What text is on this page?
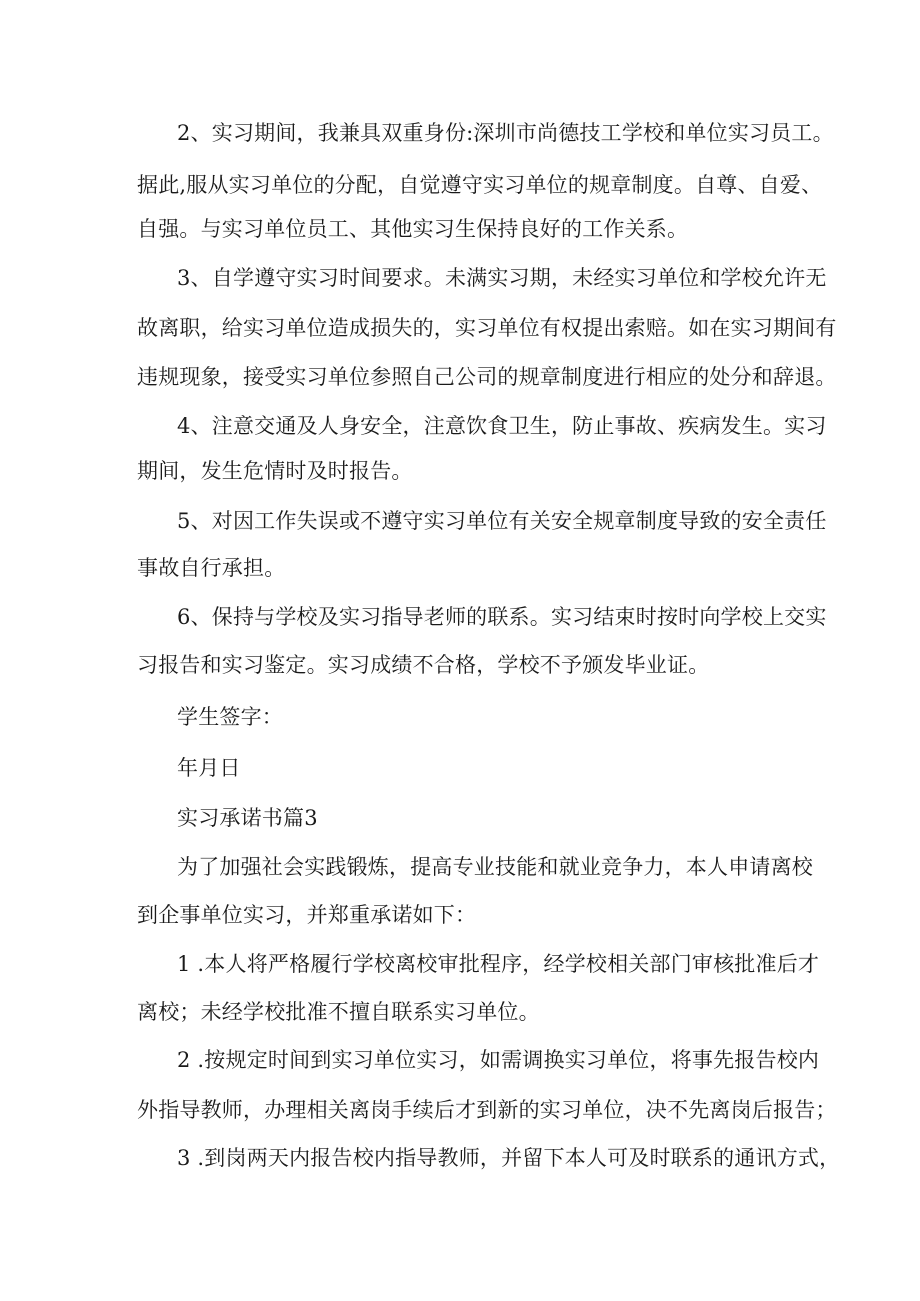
2、实习期间，我兼具双重身份:深圳市尚德技工学校和单位实习员工。
据此,服从实习单位的分配，自觉遵守实习单位的规章制度。自尊、自爱、
自强。与实习单位员工、其他实习生保持良好的工作关系。
3、自学遵守实习时间要求。未满实习期，未经实习单位和学校允许无
故离职，给实习单位造成损失的，实习单位有权提出索赔。如在实习期间有
违规现象，接受实习单位参照自己公司的规章制度进行相应的处分和辞退。
4、注意交通及人身安全，注意饮食卫生，防止事故、疾病发生。实习
期间，发生危情时及时报告。
5、对因工作失误或不遵守实习单位有关安全规章制度导致的安全责任
事故自行承担。
6、保持与学校及实习指导老师的联系。实习结束时按时向学校上交实
习报告和实习鉴定。实习成绩不合格，学校不予颁发毕业证。
学生签字：
年月日
实习承诺书篇3
为了加强社会实践锻炼，提高专业技能和就业竞争力，本人申请离校
到企事单位实习，并郑重承诺如下：
1 .本人将严格履行学校离校审批程序，经学校相关部门审核批准后才
离校；未经学校批准不擅自联系实习单位。
2 .按规定时间到实习单位实习，如需调换实习单位，将事先报告校内
外指导教师，办理相关离岗手续后才到新的实习单位，决不先离岗后报告；
3 .到岗两天内报告校内指导教师，并留下本人可及时联系的通讯方式，
